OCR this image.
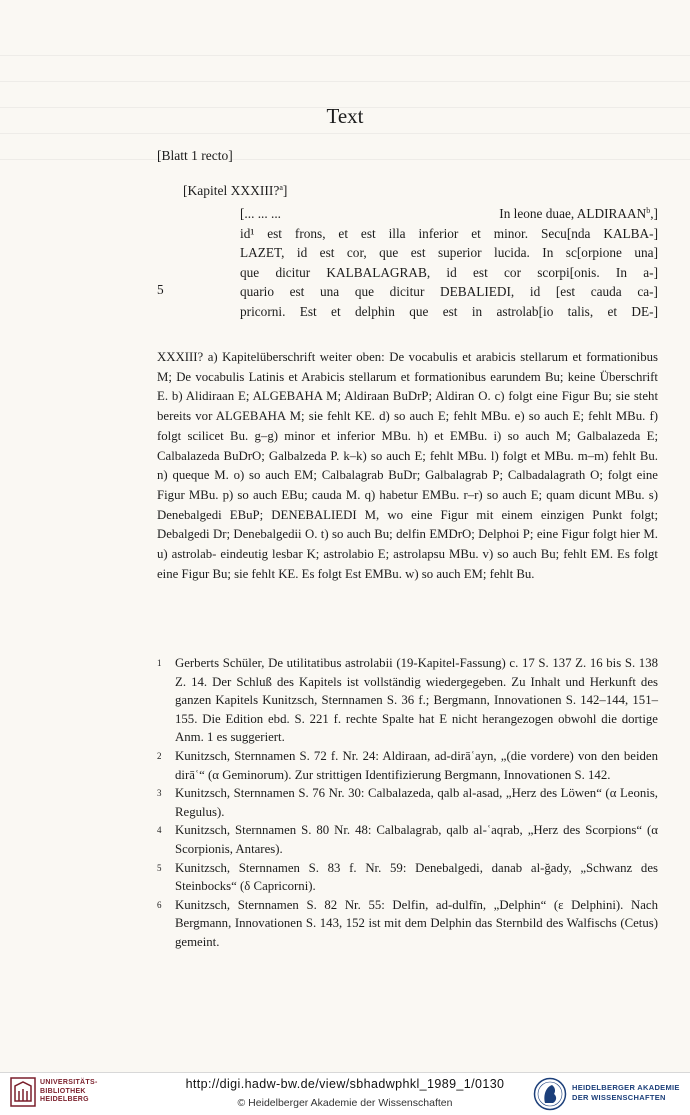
Text
[Blatt 1 recto]
[Kapitel XXXIII?$^a$]
[... ... ...	In leone duae, ALDIRAAN$^b$,]
id¹ est frons, et est illa inferior et minor. Secu[nda KALBA-]
LAZET, id est cor, que est superior lucida. In sc[orpione una]
que dicitur KALBALAGRAB, id est cor scorpi[onis. In a-]
quario est una que dicitur DEBALIEDI, id [est cauda ca-]
pricorni. Est et delphin que est in astrolab[io talis, et DE-]
5
XXXIII? a) Kapitelüberschrift weiter oben: De vocabulis et arabicis stellarum et formationibus M; De vocabulis Latinis et Arabicis stellarum et formationibus earundem Bu; keine Überschrift E. b) Alidiraan E; ALGEBAHA M; Aldiraan BuDrP; Aldiran O. c) folgt eine Figur Bu; sie steht bereits vor ALGEBAHA M; sie fehlt KE. d) so auch E; fehlt MBu. e) so auch E; fehlt MBu. f) folgt scilicet Bu. g–g) minor et inferior MBu. h) et EMBu. i) so auch M; Galbalazeda E; Calbalazeda BuDrO; Galbalzeda P. k–k) so auch E; fehlt MBu. l) folgt et MBu. m–m) fehlt Bu. n) queque M. o) so auch EM; Calbalagrab BuDr; Galbalagrab P; Calbadalagrath O; folgt eine Figur MBu. p) so auch EBu; cauda M. q) habetur EMBu. r–r) so auch E; quam dicunt MBu. s) Denebalgedi EBuP; DENEBALIEDI M, wo eine Figur mit einem einzigen Punkt folgt; Debalgedi Dr; Denebalgedii O. t) so auch Bu; delfin EMDrO; Delphoi P; eine Figur folgt hier M. u) astrolab- eindeutig lesbar K; astrolabio E; astrolapsu MBu. v) so auch Bu; fehlt EM. Es folgt eine Figur Bu; sie fehlt KE. Es folgt Est EMBu. w) so auch EM; fehlt Bu.
1 Gerberts Schüler, De utilitatibus astrolabii (19-Kapitel-Fassung) c. 17 S. 137 Z. 16 bis S. 138 Z. 14. Der Schluß des Kapitels ist vollständig wiedergegeben. Zu Inhalt und Herkunft des ganzen Kapitels Kunitzsch, Sternnamen S. 36 f.; Bergmann, Innovationen S. 142–144, 151–155. Die Edition ebd. S. 221 f. rechte Spalte hat E nicht herangezogen obwohl die dortige Anm. 1 es suggeriert.
2 Kunitzsch, Sternnamen S. 72 f. Nr. 24: Aldiraan, ad-dirāʿayn, „(die vordere) von den beiden dirāʿ“ (α Geminorum). Zur strittigen Identifizierung Bergmann, Innovationen S. 142.
3 Kunitzsch, Sternnamen S. 76 Nr. 30: Calbalazeda, qalb al-asad, „Herz des Löwen“ (α Leonis, Regulus).
4 Kunitzsch, Sternnamen S. 80 Nr. 48: Calbalagrab, qalb al-ʿaqrab, „Herz des Scorpions“ (α Scorpionis, Antares).
5 Kunitzsch, Sternnamen S. 83 f. Nr. 59: Denebalgedi, danab al-ğady, „Schwanz des Steinbocks“ (δ Capricorni).
6 Kunitzsch, Sternnamen S. 82 Nr. 55: Delfin, ad-dulfīn, „Delphin“ (ε Delphini). Nach Bergmann, Innovationen S. 143, 152 ist mit dem Delphin das Sternbild des Walfischs (Cetus) gemeint.
UNIVERSITÄTS-
BIBLIOTHEK
HEIDELBERG
http://digi.hadw-bw.de/view/sbhadwphkl_1989_1/0130
© Heidelberger Akademie der Wissenschaften
HEIDELBERGER AKADEMIE
DER WISSENSCHAFTEN
